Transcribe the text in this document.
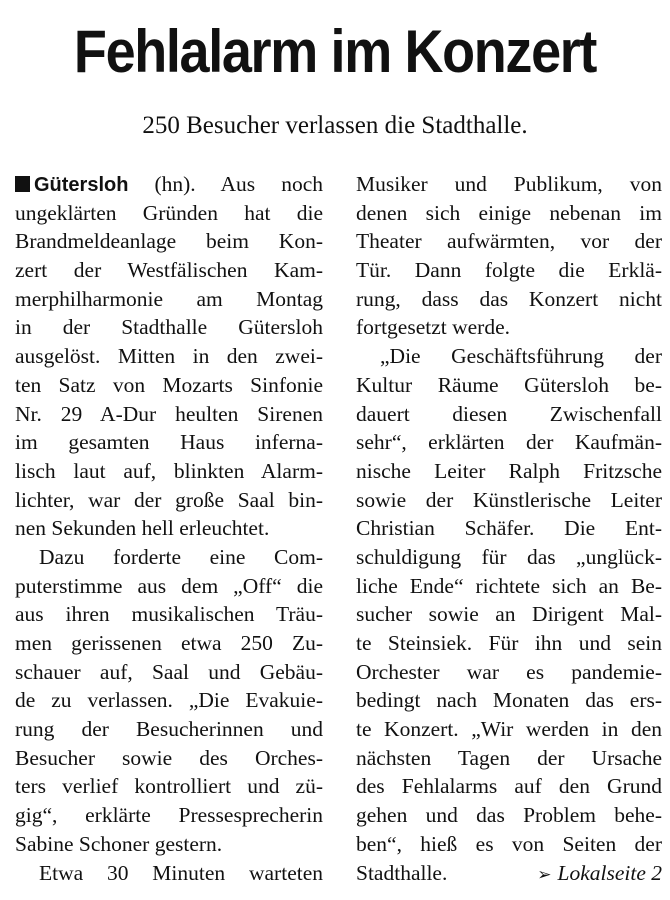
Fehlalarm im Konzert
250 Besucher verlassen die Stadthalle.
Gütersloh (hn). Aus noch
ungeklärten Gründen hat die
Brandmeldeanlage beim Kon-
zert der Westfälischen Kam-
merphilharmonie am Montag
in der Stadthalle Gütersloh
ausgelöst. Mitten in den zwei-
ten Satz von Mozarts Sinfonie
Nr. 29 A-Dur heulten Sirenen
im gesamten Haus inferna-
lisch laut auf, blinkten Alarm-
lichter, war der große Saal bin-
nen Sekunden hell erleuchtet.
Dazu forderte eine Com-
puterstimme aus dem „Off“ die
aus ihren musikalischen Träu-
men gerissenen etwa 250 Zu-
schauer auf, Saal und Gebäu-
de zu verlassen. „Die Evakuie-
rung der Besucherinnen und
Besucher sowie des Orches-
ters verlief kontrolliert und zü-
gig“, erklärte Pressesprecherin
Sabine Schoner gestern.
Etwa 30 Minuten warteten
Musiker und Publikum, von
denen sich einige nebenan im
Theater aufwärmten, vor der
Tür. Dann folgte die Erklä-
rung, dass das Konzert nicht
fortgesetzt werde.
„Die Geschäftsführung der
Kultur Räume Gütersloh be-
dauert diesen Zwischenfall
sehr“, erklärten der Kaufmän-
nische Leiter Ralph Fritzsche
sowie der Künstlerische Leiter
Christian Schäfer. Die Ent-
schuldigung für das „unglück-
liche Ende“ richtete sich an Be-
sucher sowie an Dirigent Mal-
te Steinsiek. Für ihn und sein
Orchester war es pandemie-
bedingt nach Monaten das ers-
te Konzert. „Wir werden in den
nächsten Tagen der Ursache
des Fehlalarms auf den Grund
gehen und das Problem behe-
ben“, hieß es von Seiten der
Stadthalle.	➢ Lokalseite 2
